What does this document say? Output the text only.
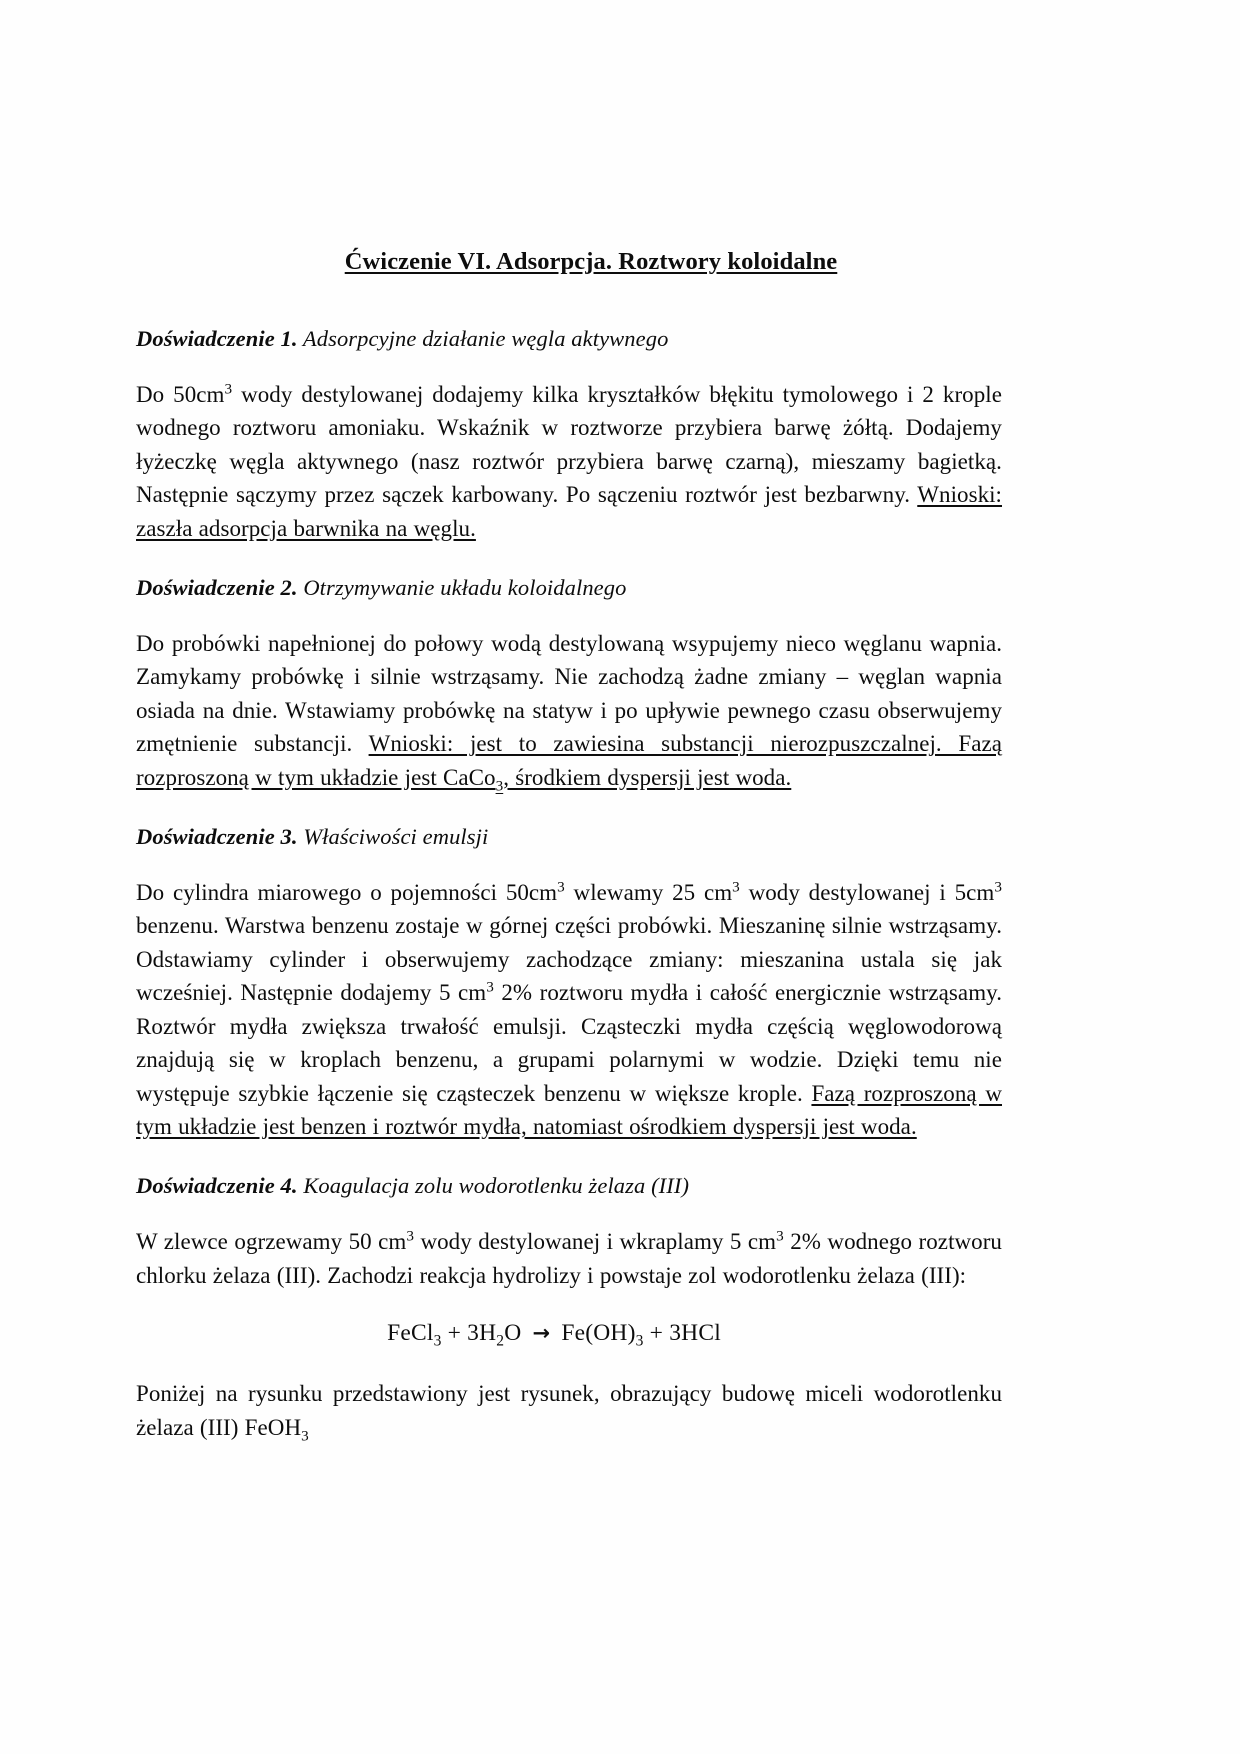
Ćwiczenie VI. Adsorpcja. Roztwory koloidalne
Doświadczenie 1. Adsorpcyjne działanie węgla aktywnego

Do $50cm^3$ wody destylowanej dodajemy kilka kryształków błękitu tymolowego i 2 krople wodnego roztworu amoniaku. Wskaźnik w roztworze przybiera barwę żółtą. Dodajemy łyżeczkę węgla aktywnego (nasz roztwór przybiera barwę czarną), mieszamy bagietką. Następnie sączymy przez sączek karbowany. Po sączeniu roztwór jest bezbarwny. Wnioski: zaszła adsorpcja barwnika na węglu.

Doświadczenie 2. Otrzymywanie układu koloidalnego

Do probówki napełnionej do połowy wodą destylowaną wsypujemy nieco węglanu wapnia. Zamykamy probówkę i silnie wstrząsamy. Nie zachodzą żadne zmiany – węglan wapnia osiada na dnie. Wstawiamy probówkę na statyw i po upływie pewnego czasu obserwujemy zmętnienie substancji. Wnioski: jest to zawiesina substancji nierozpuszczalnej. Fazą rozproszoną w tym układzie jest CaCo$_3$, środkiem dyspersji jest woda.

Doświadczenie 3. Właściwości emulsji

Do cylindra miarowego o pojemności $50cm^3$ wlewamy 25 $cm^3$ wody destylowanej i $5cm^3$ benzenu. Warstwa benzenu zostaje w górnej części probówki. Mieszaninę silnie wstrząsamy. Odstawiamy cylinder i obserwujemy zachodzące zmiany: mieszanina ustala się jak wcześniej. Następnie dodajemy 5 $cm^3$ 2% roztworu mydła i całość energicznie wstrząsamy. Roztwór mydła zwiększa trwałość emulsji. Cząsteczki mydła częścią węglowodorową znajdują się w kroplach benzenu, a grupami polarnymi w wodzie. Dzięki temu nie występuje szybkie łączenie się cząsteczek benzenu w większe krople. Fazą rozproszoną w tym układzie jest benzen i roztwór mydła, natomiast ośrodkiem dyspersji jest woda.

Doświadczenie 4. Koagulacja zolu wodorotlenku żelaza (III)

W zlewce ogrzewamy 50 $cm^3$ wody destylowanej i wkraplamy 5 $cm^3$ 2% wodnego roztworu chlorku żelaza (III). Zachodzi reakcja hydrolizy i powstaje zol wodorotlenku żelaza (III):

FeCl$_3$ + $3H_2O \to Fe(OH)_3 + 3HCl$

Poniżej na rysunku przedstawiony jest rysunek, obrazujący budowę miceli wodorotlenku żelaza (III) FeOH$_3$
